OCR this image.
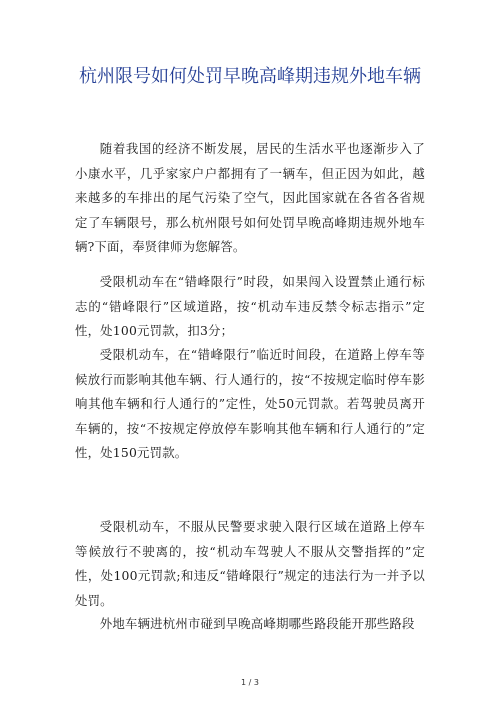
杭州限号如何处罚早晚高峰期违规外地车辆

随着我国的经济不断发展，居民的生活水平也逐渐步入了小康水平，几乎家家户户都拥有了一辆车，但正因为如此，越来越多的车排出的尾气污染了空气，因此国家就在各省各省规定了车辆限号，那么杭州限号如何处罚早晚高峰期违规外地车辆?下面，奉贤律师为您解答。

受限机动车在“错峰限行”时段，如果闯入设置禁止通行标志的“错峰限行”区域道路，按“机动车违反禁令标志指示”定性，处100元罚款，扣3分；

受限机动车，在“错峰限行”临近时间段，在道路上停车等候放行而影响其他车辆、行人通行的，按“不按规定临时停车影响其他车辆和行人通行的”定性，处50元罚款。若驾驶员离开车辆的，按“不按规定停放停车影响其他车辆和行人通行的”定性，处150元罚款。

受限机动车，不服从民警要求驶入限行区域在道路上停车等候放行不驶离的，按“机动车驾驶人不服从交警指挥的”定性，处100元罚款;和违反“错峰限行”规定的违法行为一并予以处罚。

外地车辆进杭州市碰到早晚高峰期哪些路段能开那些路段

1 / 3
